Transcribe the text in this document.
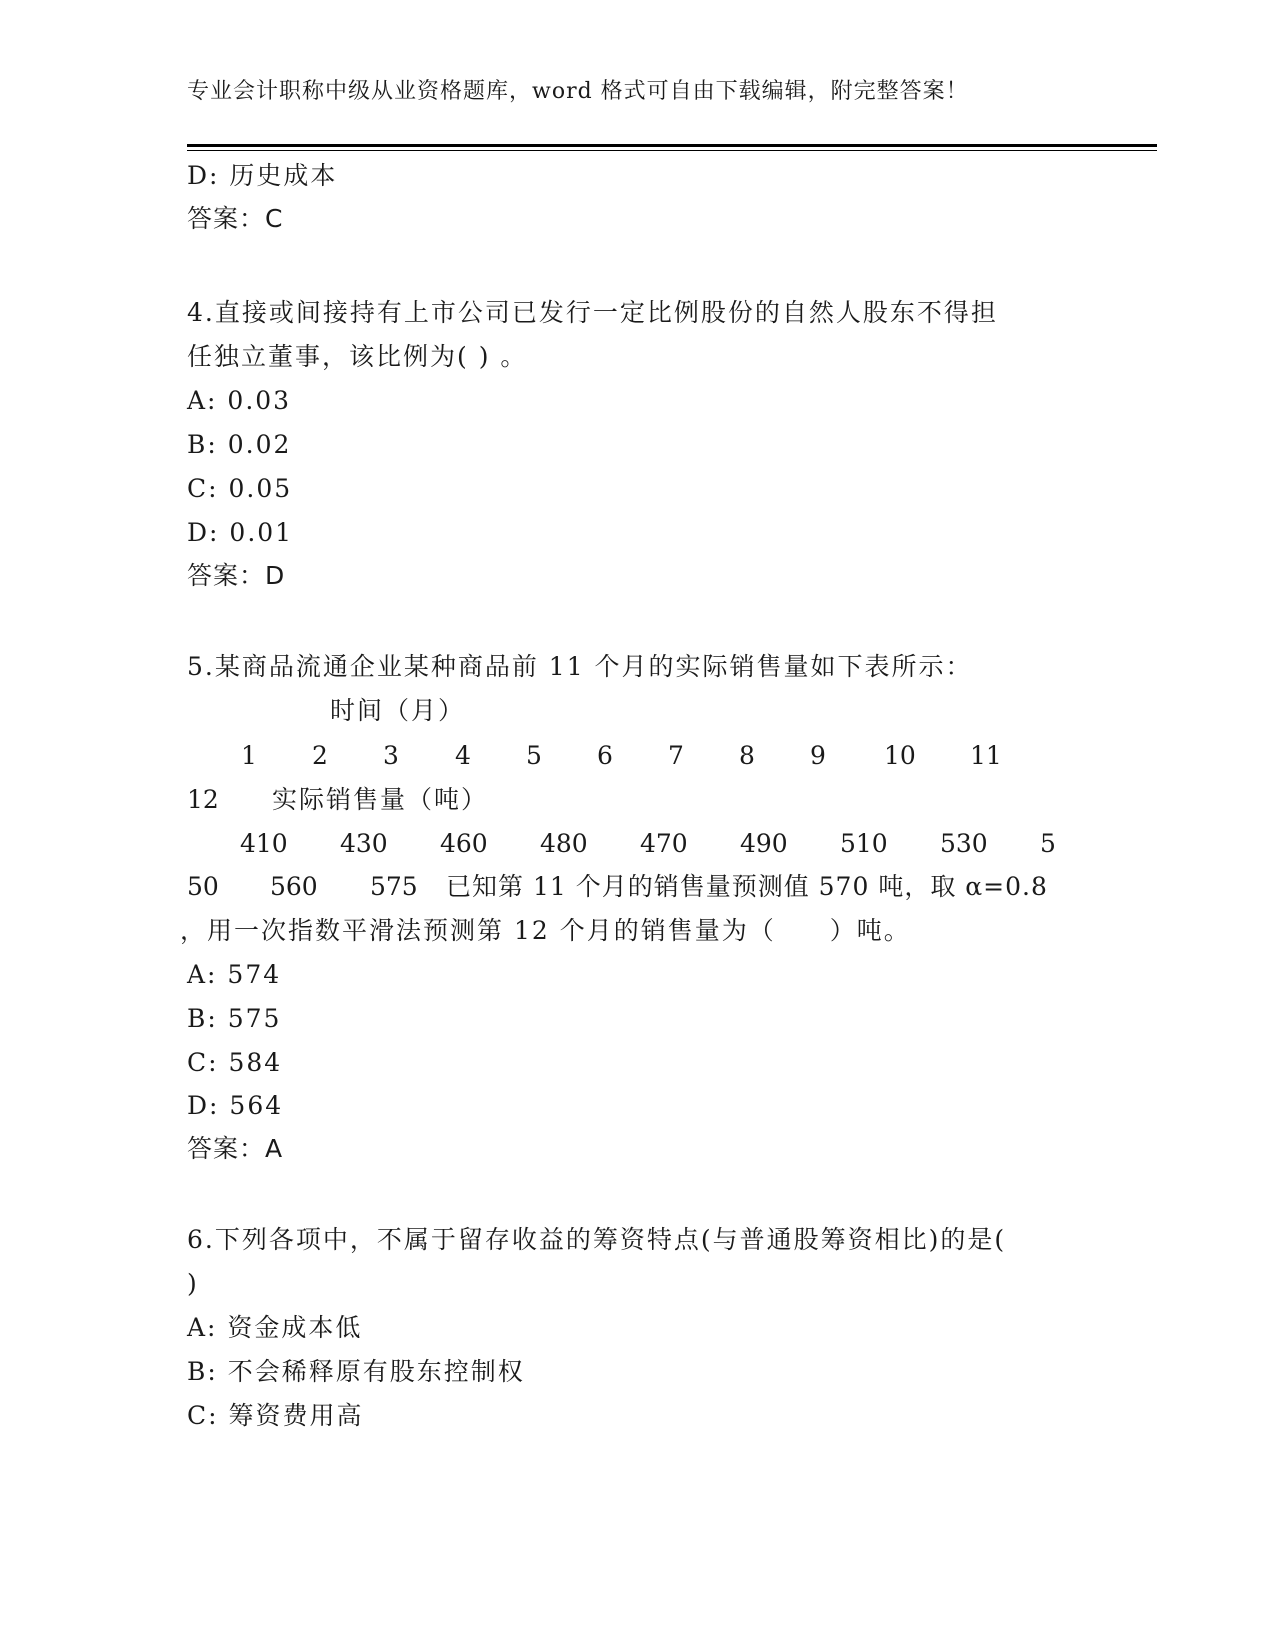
专业会计职称中级从业资格题库，word 格式可自由下载编辑，附完整答案！
D: 历史成本
答案：C
4.直接或间接持有上市公司已发行一定比例股份的自然人股东不得担
任独立董事，该比例为( ) 。
A: 0.03
B: 0.02
C: 0.05
D: 0.01
答案：D
5.某商品流通企业某种商品前 11 个月的实际销售量如下表所示：
时间（月）
1 2 3 4 5 6 7 8 9 10 11
12 实际销售量（吨）
410 430 460 480 470 490 510 530 5
50 560 575 已知第 11 个月的销售量预测值 570 吨，取 α=0.8
，用一次指数平滑法预测第 12 个月的销售量为（　　）吨。
A: 574
B: 575
C: 584
D: 564
答案：A
6.下列各项中，不属于留存收益的筹资特点(与普通股筹资相比)的是(
)
A: 资金成本低
B: 不会稀释原有股东控制权
C: 筹资费用高
